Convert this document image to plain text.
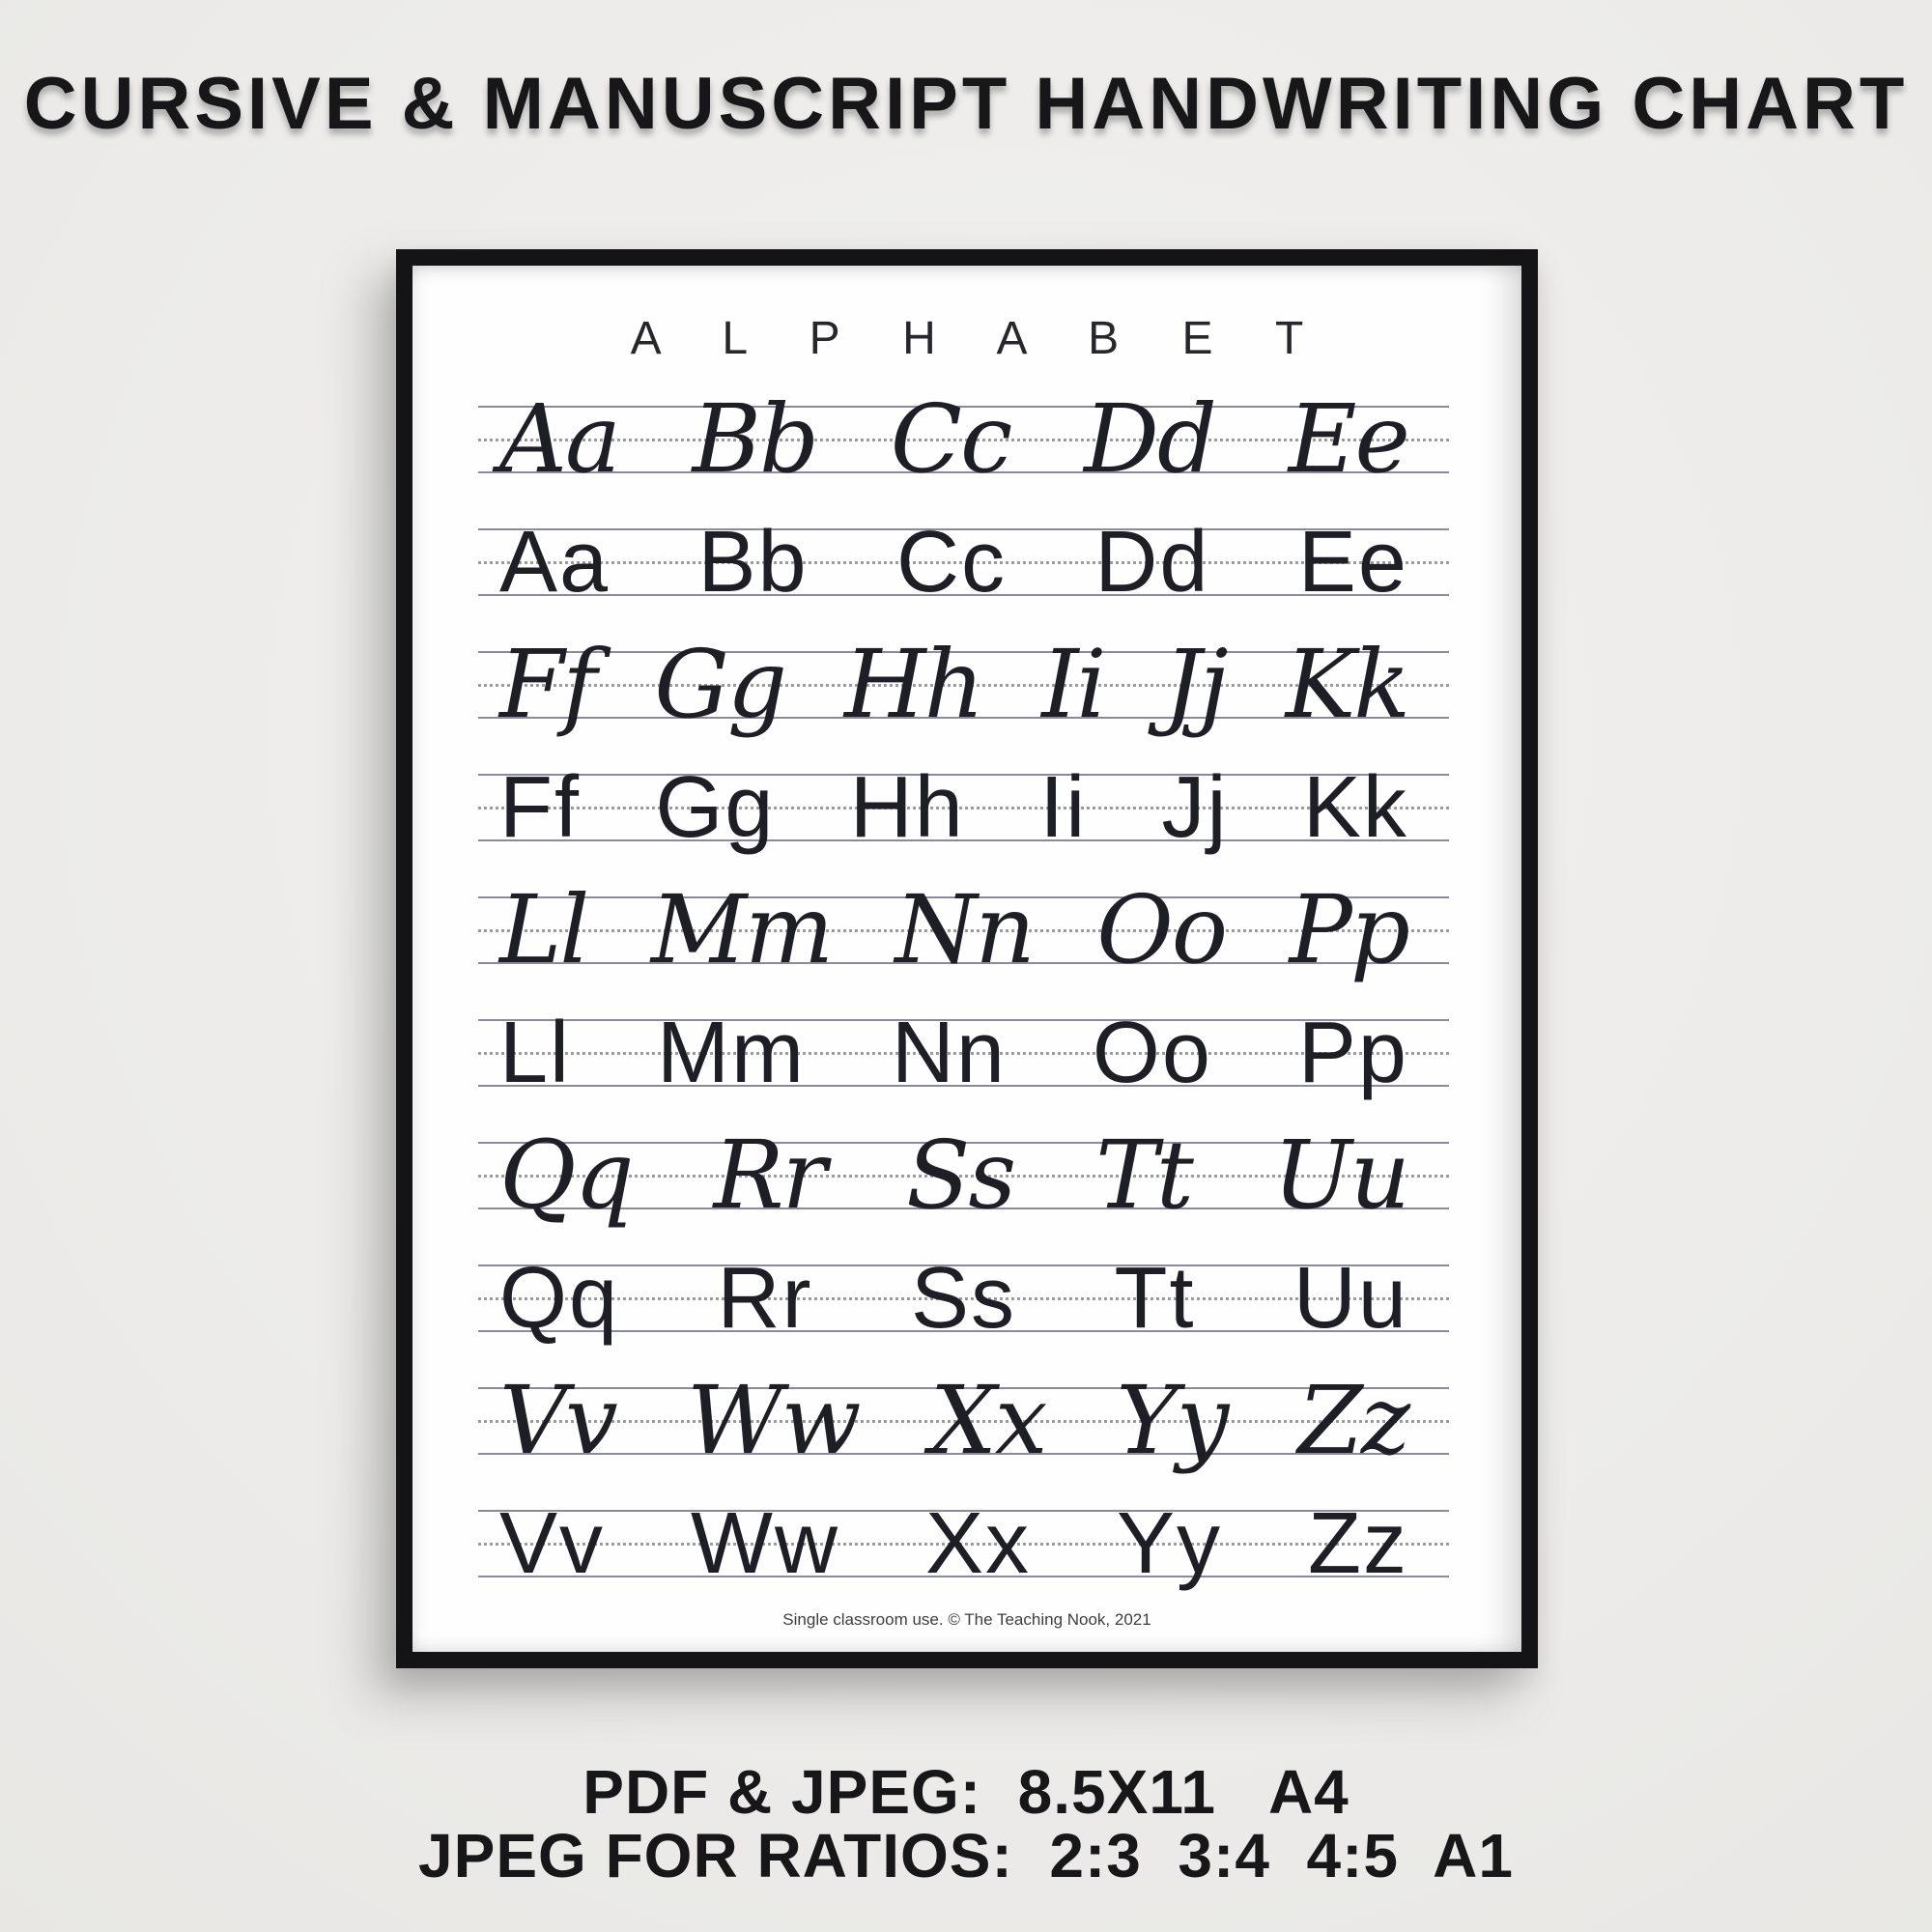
CURSIVE & MANUSCRIPT HANDWRITING CHART
A L P H A B E T
Aa Bb Cc Dd Ee
Aa Bb Cc Dd Ee
Ff Gg Hh Ii Jj Kk
Ff Gg Hh Ii Jj Kk
Ll Mm Nn Oo Pp
Ll Mm Nn Oo Pp
Qq Rr Ss Tt Uu
Qq Rr Ss Tt Uu
Vv Ww Xx Yy Zz
Vv Ww Xx Yy Zz
Single classroom use. © The Teaching Nook, 2021
PDF & JPEG:  8.5X11   A4
JPEG FOR RATIOS:  2:3  3:4  4:5  A1
